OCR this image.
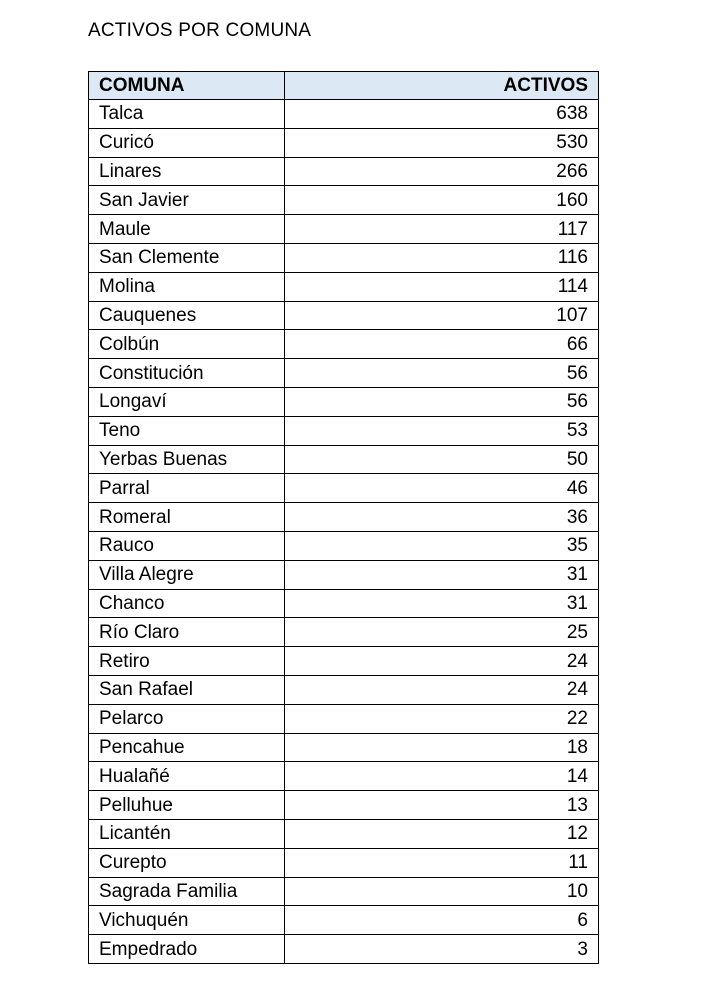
ACTIVOS POR COMUNA
COMUNA	ACTIVOS
Talca	638
Curicó	530
Linares	266
San Javier	160
Maule	117
San Clemente	116
Molina	114
Cauquenes	107
Colbún	66
Constitución	56
Longaví	56
Teno	53
Yerbas Buenas	50
Parral	46
Romeral	36
Rauco	35
Villa Alegre	31
Chanco	31
Río Claro	25
Retiro	24
San Rafael	24
Pelarco	22
Pencahue	18
Hualañé	14
Pelluhue	13
Licantén	12
Curepto	11
Sagrada Familia	10
Vichuquén	6
Empedrado	3
